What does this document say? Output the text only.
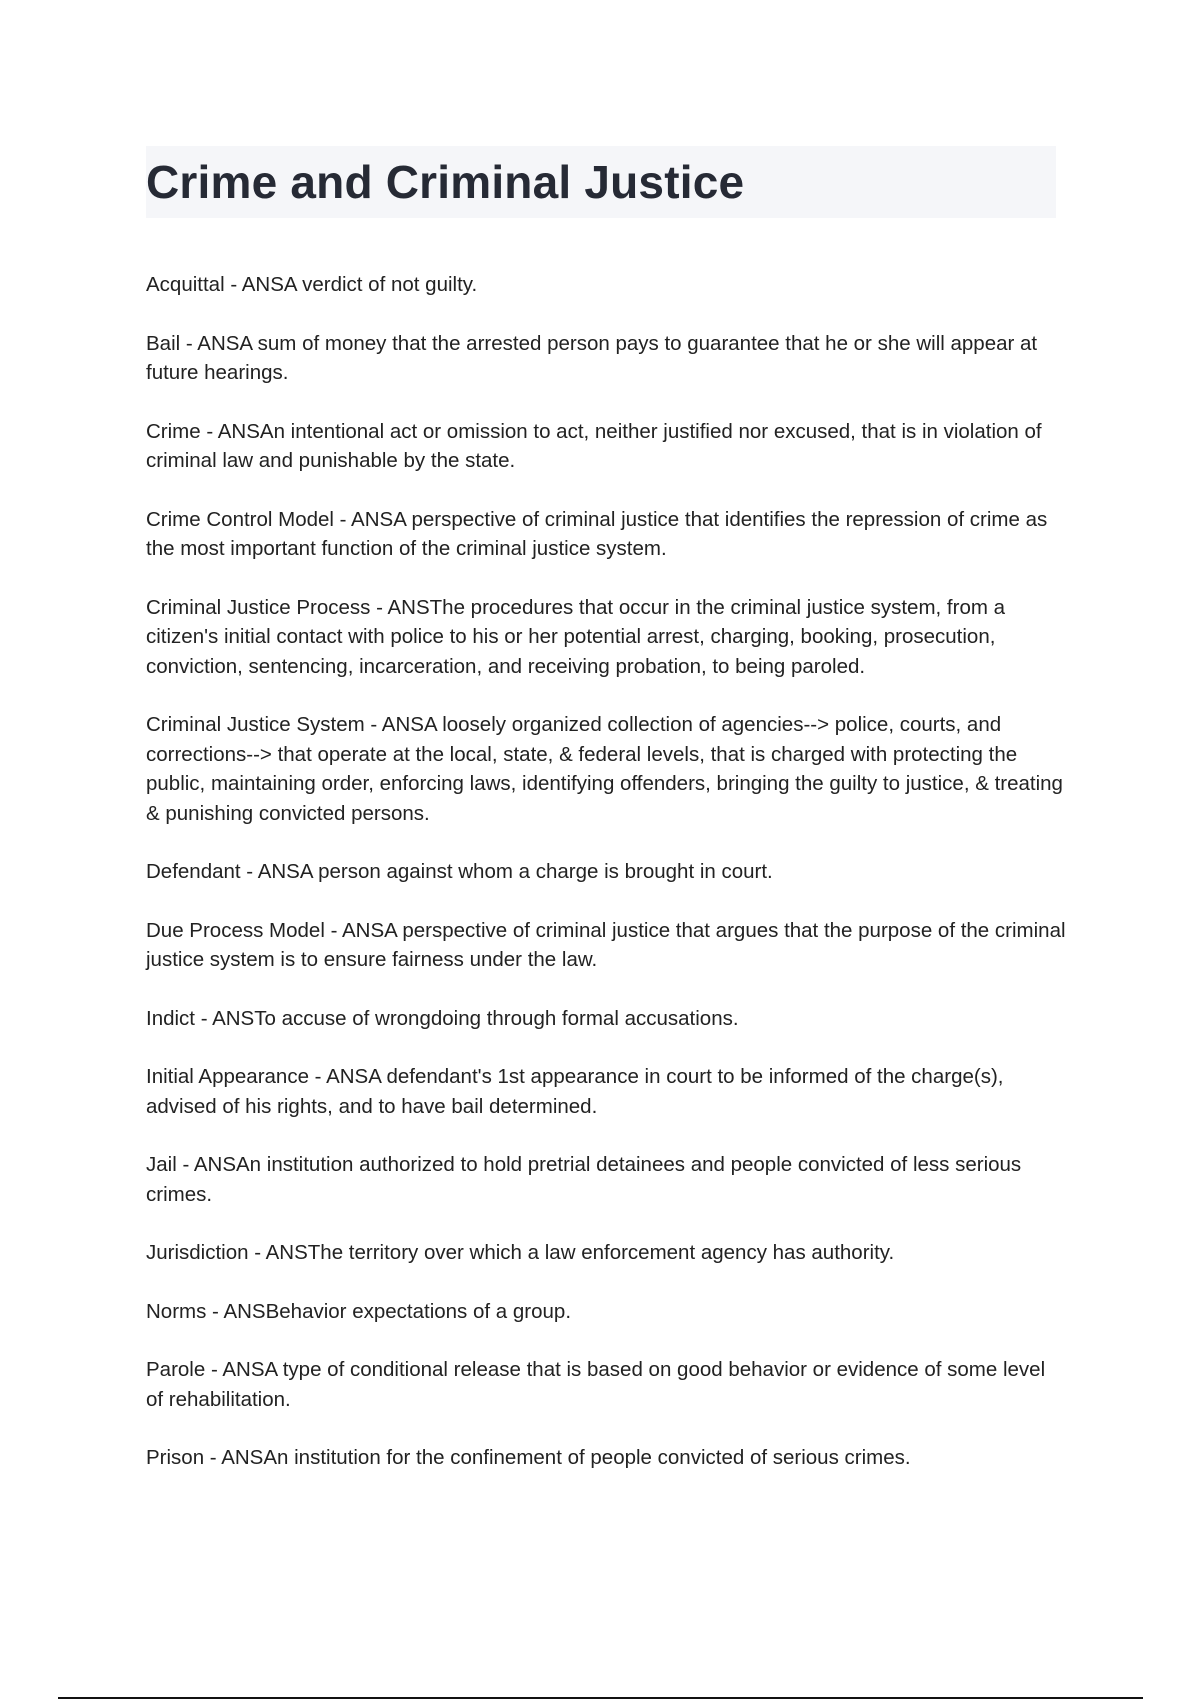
Crime and Criminal Justice
Acquittal - ANSA verdict of not guilty.
Bail - ANSA sum of money that the arrested person pays to guarantee that he or she will appear at future hearings.
Crime - ANSAn intentional act or omission to act, neither justified nor excused, that is in violation of criminal law and punishable by the state.
Crime Control Model - ANSA perspective of criminal justice that identifies the repression of crime as the most important function of the criminal justice system.
Criminal Justice Process - ANSThe procedures that occur in the criminal justice system, from a citizen's initial contact with police to his or her potential arrest, charging, booking, prosecution, conviction, sentencing, incarceration, and receiving probation, to being paroled.
Criminal Justice System - ANSA loosely organized collection of agencies--> police, courts, and corrections--> that operate at the local, state, & federal levels, that is charged with protecting the public, maintaining order, enforcing laws, identifying offenders, bringing the guilty to justice, & treating & punishing convicted persons.
Defendant - ANSA person against whom a charge is brought in court.
Due Process Model - ANSA perspective of criminal justice that argues that the purpose of the criminal justice system is to ensure fairness under the law.
Indict - ANSTo accuse of wrongdoing through formal accusations.
Initial Appearance - ANSA defendant's 1st appearance in court to be informed of the charge(s), advised of his rights, and to have bail determined.
Jail - ANSAn institution authorized to hold pretrial detainees and people convicted of less serious crimes.
Jurisdiction - ANSThe territory over which a law enforcement agency has authority.
Norms - ANSBehavior expectations of a group.
Parole - ANSA type of conditional release that is based on good behavior or evidence of some level of rehabilitation.
Prison - ANSAn institution for the confinement of people convicted of serious crimes.
